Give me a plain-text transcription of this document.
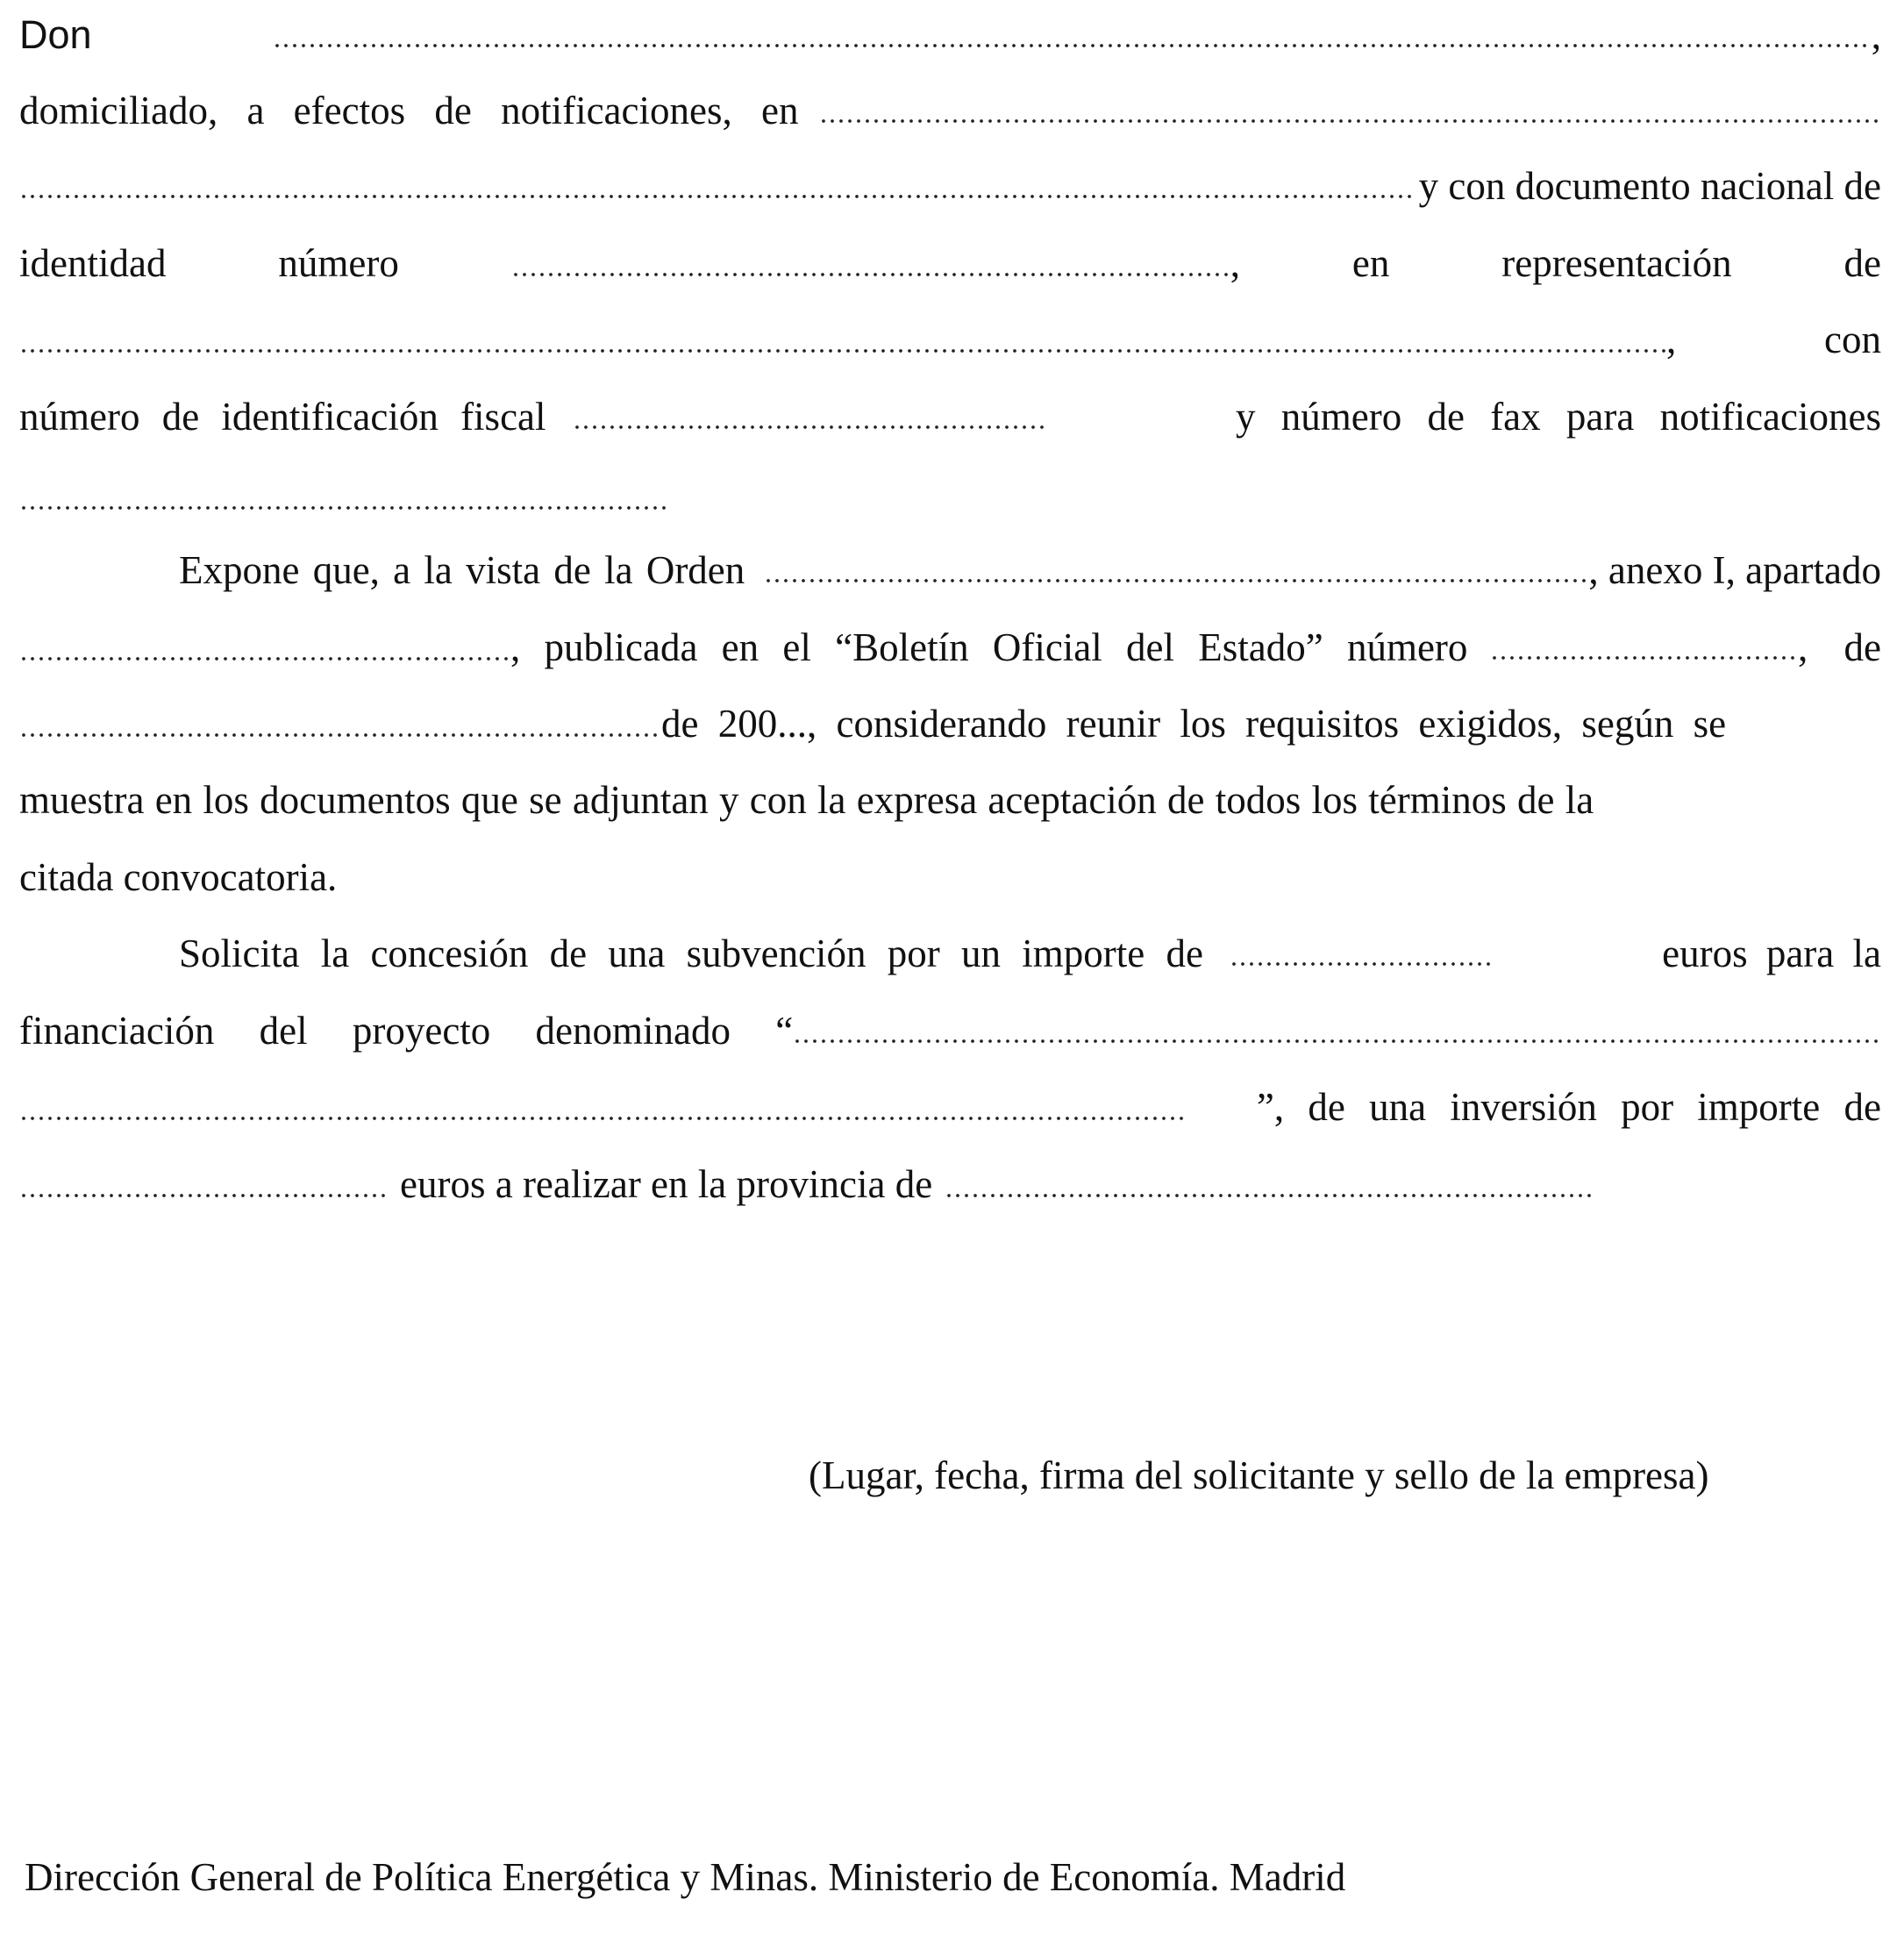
Don	,
domiciliado, a efectos de notificaciones, en
y con documento nacional de
identidad	número	,	en	representación	de
,	con
número de identificación fiscal	y número de fax para notificaciones
Expone que, a la vista de la Orden	, anexo I, apartado
, publicada en el “Boletín Oficial del Estado” número	, de
de 200..., considerando reunir los requisitos exigidos, según se
muestra en los documentos que se adjuntan y con la expresa aceptación de todos los términos de la
citada convocatoria.
Solicita la concesión de una subvención por un importe de	euros para la
financiación del proyecto denominado “
”, de una inversión por importe de
euros a realizar en la provincia de
(Lugar, fecha, firma del solicitante y sello de la empresa)
Dirección General de Política Energética y Minas. Ministerio de Economía. Madrid
